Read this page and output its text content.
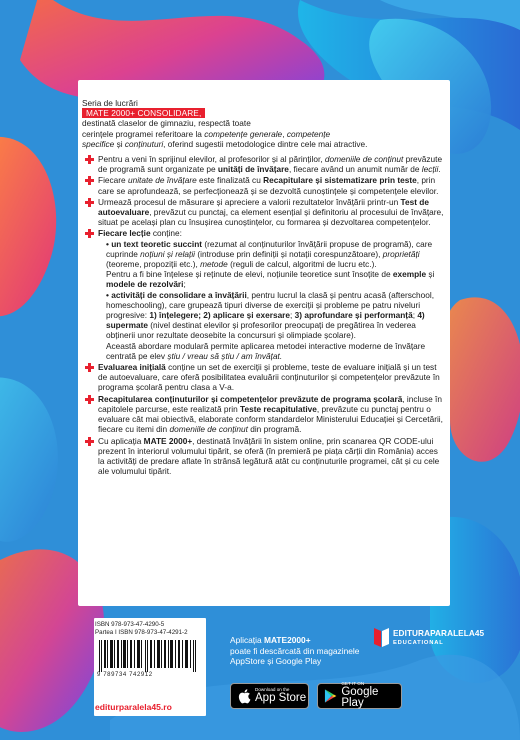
Seria de lucrări
MATE 2000+ CONSOLIDARE,
destinată claselor de gimnaziu, respectă toate
cerințele programei referitoare la competențe generale, competențe
specifice și conținuturi, oferind sugestii metodologice dintre cele mai atractive.
Pentru a veni în sprijinul elevilor, al profesorilor și al părinților, domeniile de conținut prevăzute de programă sunt organizate pe unități de învățare, fiecare având un anumit număr de lecții.
Fiecare unitate de învățare este finalizată cu Recapitulare și sistematizare prin teste, prin care se aprofundează, se perfecționează și se dezvoltă cunoștințele și competențele elevilor.
Urmează procesul de măsurare și apreciere a valorii rezultatelor învățării printr-un Test de autoevaluare, prevăzut cu punctaj, ca element esențial și definitoriu al procesului de învățare, situat pe același plan cu însușirea cunoștințelor, cu formarea și dezvoltarea competențelor.
Fiecare lecție conține:

• un text teoretic succint (rezumat al conținuturilor învățării propuse de programă), care cuprinde noțiuni și relații (introduse prin definiții și notații corespunzătoare), proprietăți (teoreme, propoziții etc.), metode (reguli de calcul, algoritmi de lucru etc.).

Pentru a fi bine înțelese și reținute de elevi, noțiunile teoretice sunt însoțite de exemple și modele de rezolvări;

• activități de consolidare a învățării, pentru lucrul la clasă și pentru acasă (afterschool, homeschooling), care grupează tipuri diverse de exerciții și probleme pe patru niveluri progresive: 1) înțelegere; 2) aplicare și exersare; 3) aprofundare și performanță; 4) supermate (nivel destinat elevilor și profesorilor preocupați de pregătirea în vederea obținerii unor rezultate deosebite la concursuri și olimpiade școlare).

Această abordare modulară permite aplicarea metodei interactive moderne de învățare centrată pe elev știu / vreau să știu / am învățat.

Evaluarea inițială conține un set de exerciții și probleme, teste de evaluare inițială și un test de autoevaluare, care oferă posibilitatea evaluării conținuturilor și competențelor prevăzute în programa școlară pentru clasa a V-a.
Recapitularea conținuturilor și competențelor prevăzute de programa școlară, incluse în capitolele parcurse, este realizată prin Teste recapitulative, prevăzute cu punctaj pentru o evaluare cât mai obiectivă, elaborate conform standardelor Ministerului Educației și Cercetării, fiecare cu itemi din domeniile de conținut din programă.
Cu aplicația MATE 2000+, destinată învățării în sistem online, prin scanarea QR CODE-ului prezent în interiorul volumului tipărit, se oferă (în premieră pe piața cărții din România) acces la activități de predare aflate în strânsă legătură atât cu conținuturile programei, cât și cu cele ale volumului tipărit.
ISBN 978-973-47-4290-5
Partea I ISBN 978-973-47-4291-2
9 789734 742912
editurparalela45.ro
Aplicația MATE2000+
poate fi descărcată din magazinele
AppStore și Google Play
Download on the
App Store
GET IT ON
Google Play
EDITURAPARALELA45
EDUCATIONAL
